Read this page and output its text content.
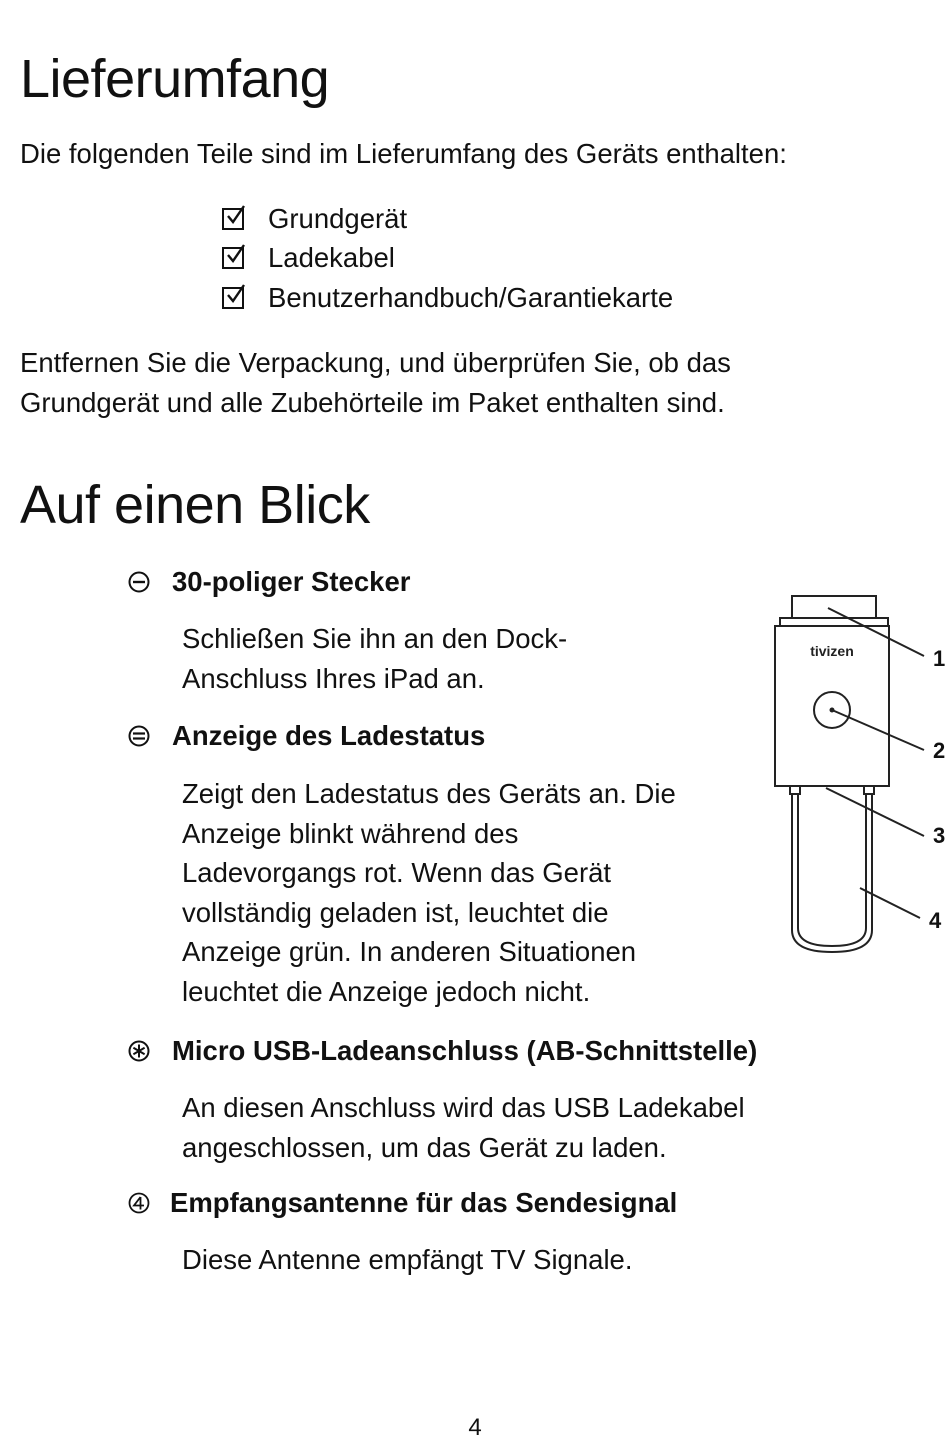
Lieferumfang

Die folgenden Teile sind im Lieferumfang des Geräts enthalten:

Grundgerät
Ladekabel
Benutzerhandbuch/Garantiekarte

Entfernen Sie die Verpackung, und überprüfen Sie, ob das
Grundgerät und alle Zubehörteile im Paket enthalten sind.

Auf einen Blick
30-poliger Stecker

Schließen Sie ihn an den Dock-
Anschluss Ihres iPad an.

Anzeige des Ladestatus

Zeigt den Ladestatus des Geräts an. Die
Anzeige blinkt während des
Ladevorgangs rot. Wenn das Gerät
vollständig geladen ist, leuchtet die
Anzeige grün. In anderen Situationen
leuchtet die Anzeige jedoch nicht.

Micro USB-Ladeanschluss (AB-Schnittstelle)

An diesen Anschluss wird das USB Ladekabel
angeschlossen, um das Gerät zu laden.

Empfangsantenne für das Sendesignal

Diese Antenne empfängt TV Signale.

tivizen	1
2
3
4
4
